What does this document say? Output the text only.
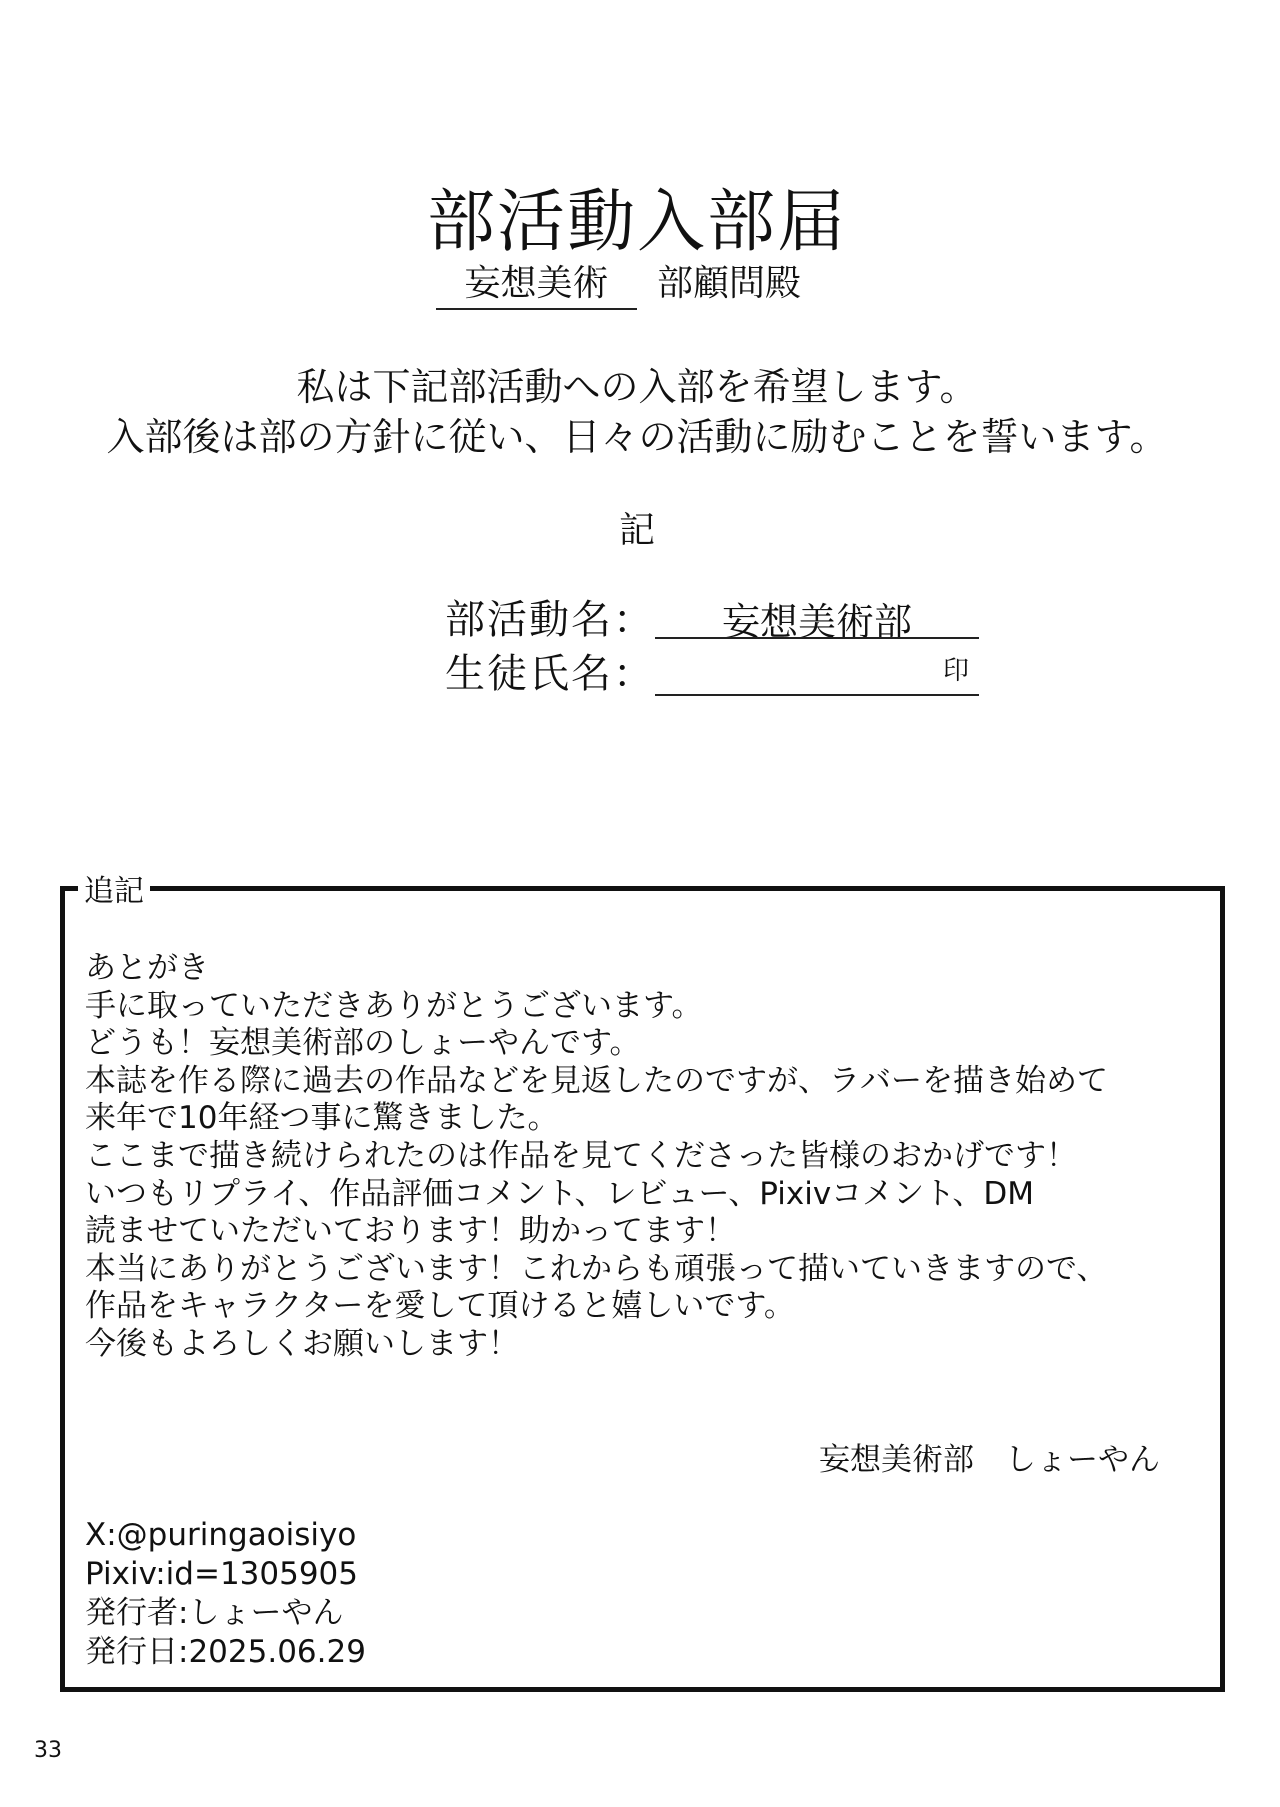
部活動入部届
妄想美術	部顧問殿
私は下記部活動への入部を希望します。
入部後は部の方針に従い、日々の活動に励むことを誓います。
記
部活動名：	妄想美術部
生徒氏名：	印
追記
あとがき
手に取っていただきありがとうございます。
どうも！妄想美術部のしょーやんです。
本誌を作る際に過去の作品などを見返したのですが、ラバーを描き始めて
来年で10年経つ事に驚きました。
ここまで描き続けられたのは作品を見てくださった皆様のおかげです！
いつもリプライ、作品評価コメント、レビュー、Pixivコメント、DM
読ませていただいております！助かってます！
本当にありがとうございます！これからも頑張って描いていきますので、
作品をキャラクターを愛して頂けると嬉しいです。
今後もよろしくお願いします！
妄想美術部　しょーやん
X:@puringaoisiyo
Pixiv:id=1305905
発行者:しょーやん
発行日:2025.06.29
33
